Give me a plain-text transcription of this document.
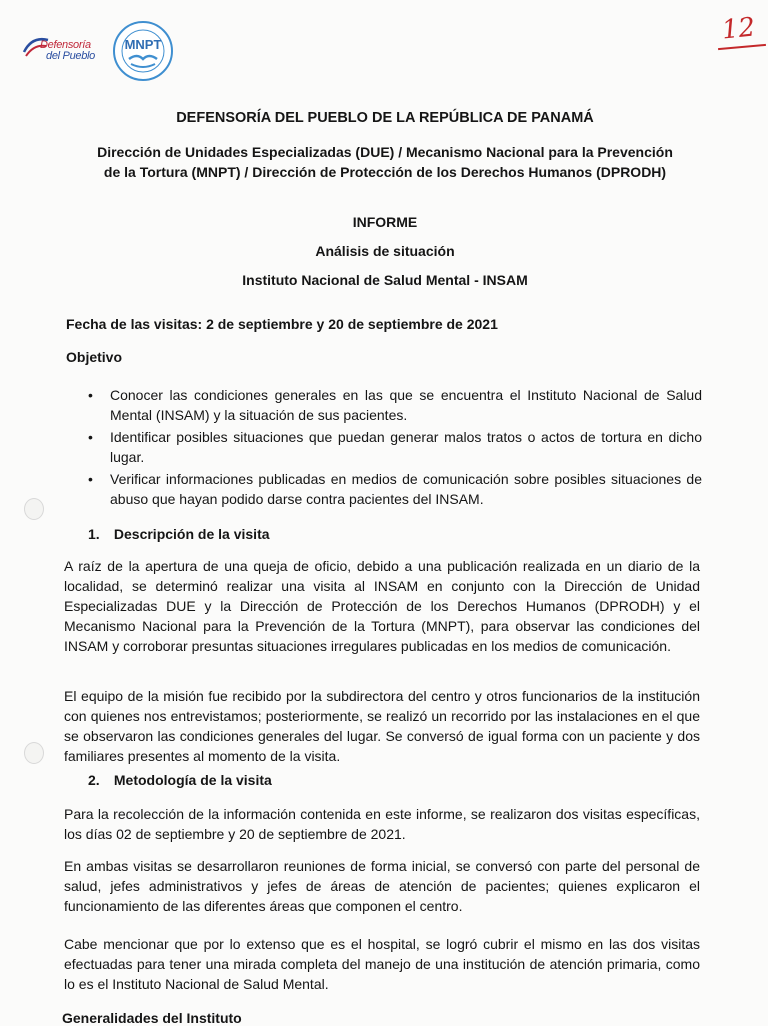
Defensoría
del Pueblo
MNPT	12
DEFENSORÍA DEL PUEBLO DE LA REPÚBLICA DE PANAMÁ
Dirección de Unidades Especializadas (DUE) / Mecanismo Nacional para la Prevención
de la Tortura (MNPT) / Dirección de Protección de los Derechos Humanos (DPRODH)
INFORME
Análisis de situación
Instituto Nacional de Salud Mental - INSAM
Fecha de las visitas: 2 de septiembre y 20 de septiembre de 2021
Objetivo
• Conocer las condiciones generales en las que se encuentra el Instituto Nacional de Salud Mental (INSAM) y la situación de sus pacientes.
• Identificar posibles situaciones que puedan generar malos tratos o actos de tortura en dicho lugar.
• Verificar informaciones publicadas en medios de comunicación sobre posibles situaciones de abuso que hayan podido darse contra pacientes del INSAM.
1. Descripción de la visita

A raíz de la apertura de una queja de oficio, debido a una publicación realizada en un diario de la localidad, se determinó realizar una visita al INSAM en conjunto con la Dirección de Unidad Especializadas DUE y la Dirección de Protección de los Derechos Humanos (DPRODH) y el Mecanismo Nacional para la Prevención de la Tortura (MNPT), para observar las condiciones del INSAM y corroborar presuntas situaciones irregulares publicadas en los medios de comunicación.

El equipo de la misión fue recibido por la subdirectora del centro y otros funcionarios de la institución con quienes nos entrevistamos; posteriormente, se realizó un recorrido por las instalaciones en el que se observaron las condiciones generales del lugar. Se conversó de igual forma con un paciente y dos familiares presentes al momento de la visita.

2. Metodología de la visita

Para la recolección de la información contenida en este informe, se realizaron dos visitas específicas, los días 02 de septiembre y 20 de septiembre de 2021.

En ambas visitas se desarrollaron reuniones de forma inicial, se conversó con parte del personal de salud, jefes administrativos y jefes de áreas de atención de pacientes; quienes explicaron el funcionamiento de las diferentes áreas que componen el centro.

Cabe mencionar que por lo extenso que es el hospital, se logró cubrir el mismo en las dos visitas efectuadas para tener una mirada completa del manejo de una institución de atención primaria, como lo es el Instituto Nacional de Salud Mental.

Generalidades del Instituto
